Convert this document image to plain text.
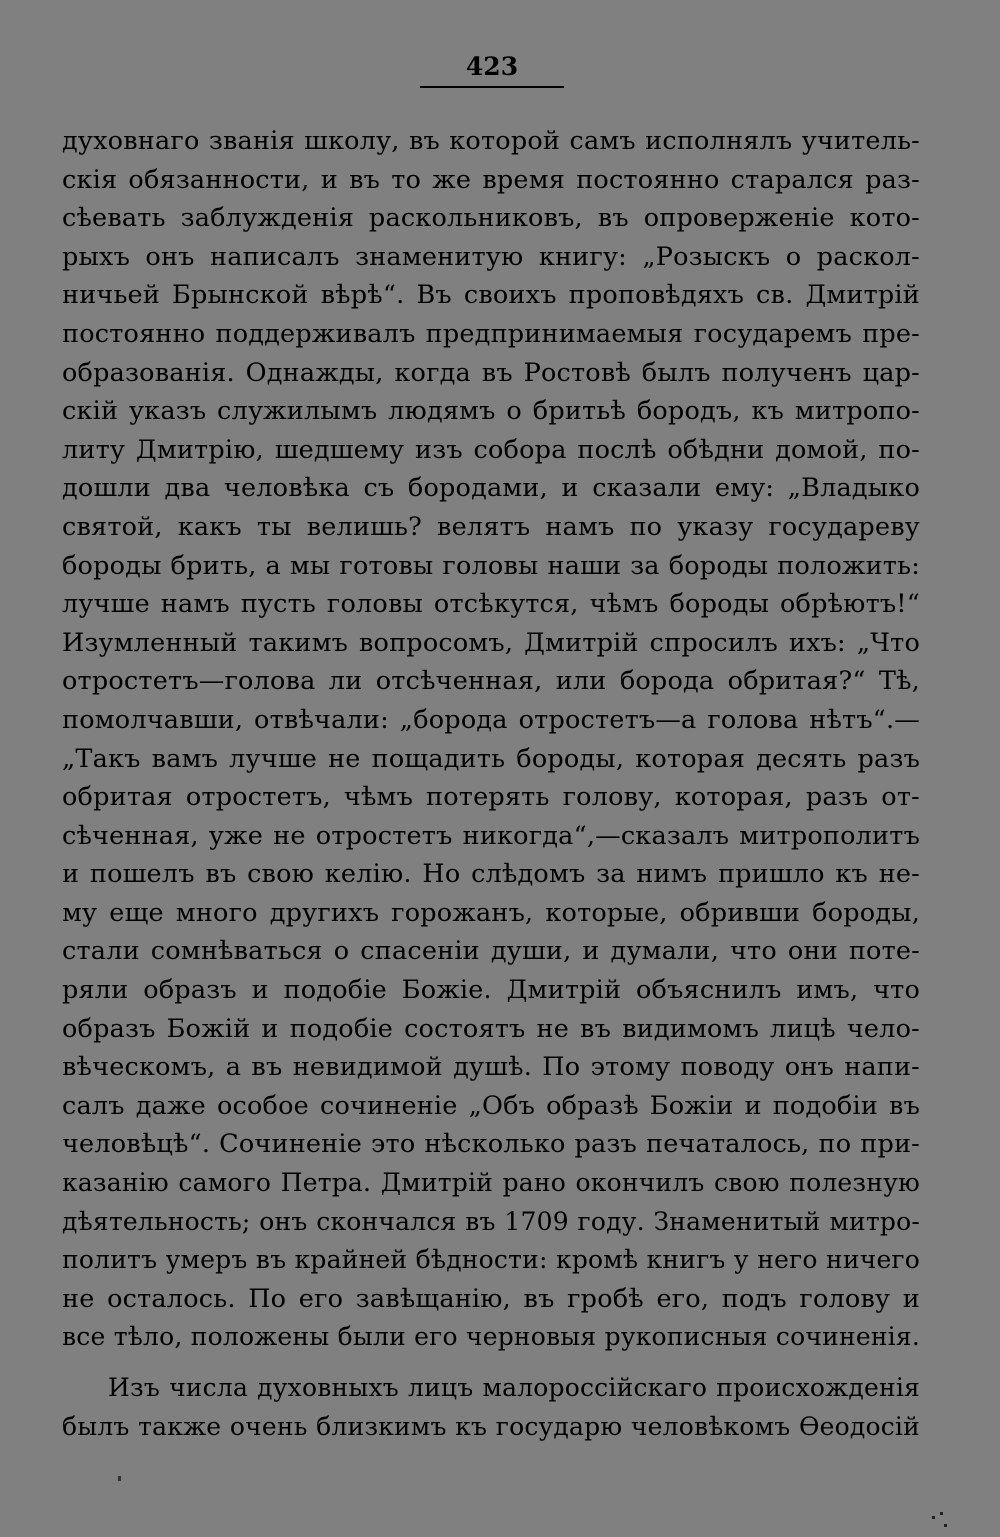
423
духовнаго званія школу, въ которой самъ исполнялъ учитель-
скія обязанности, и въ то же время постоянно старался раз-
сѣевать заблужденія раскольниковъ, въ опроверженіе кото-
рыхъ онъ написалъ знаменитую книгу: „Розыскъ о раскол-
ничьей Брынской вѣрѣ“. Въ своихъ проповѣдяхъ св. Дмитрій
постоянно поддерживалъ предпринимаемыя государемъ пре-
образованія. Однажды, когда въ Ростовѣ былъ полученъ цар-
скій указъ служилымъ людямъ о бритьѣ бородъ, къ митропо-
литу Дмитрію, шедшему изъ собора послѣ обѣдни домой, по-
дошли два человѣка съ бородами, и сказали ему: „Владыко
святой, какъ ты велишь? велятъ намъ по указу государеву
бороды брить, а мы готовы головы наши за бороды положить:
лучше намъ пусть головы отсѣкутся, чѣмъ бороды обрѣютъ!“
Изумленный такимъ вопросомъ, Дмитрій спросилъ ихъ: „Что
отростетъ—голова ли отсѣченная, или борода обритая?“ Тѣ,
помолчавши, отвѣчали: „борода отростетъ—а голова нѣтъ“.—
„Такъ вамъ лучше не пощадить бороды, которая десять разъ
обритая отростетъ, чѣмъ потерять голову, которая, разъ от-
сѣченная, уже не отростетъ никогда“,—сказалъ митрополитъ
и пошелъ въ свою келію. Но слѣдомъ за нимъ пришло къ не-
му еще много другихъ горожанъ, которые, обривши бороды,
стали сомнѣваться о спасеніи души, и думали, что они поте-
ряли образъ и подобіе Божіе. Дмитрій объяснилъ имъ, что
образъ Божій и подобіе состоятъ не въ видимомъ лицѣ чело-
вѣческомъ, а въ невидимой душѣ. По этому поводу онъ напи-
салъ даже особое сочиненіе „Объ образѣ Божіи и подобіи въ
человѣцѣ“. Сочиненіе это нѣсколько разъ печаталось, по при-
казанію самого Петра. Дмитрій рано окончилъ свою полезную
дѣятельность; онъ скончался въ 1709 году. Знаменитый митро-
политъ умеръ въ крайней бѣдности: кромѣ книгъ у него ничего
не осталось. По его завѣщанію, въ гробѣ его, подъ голову и
все тѣло, положены были его черновыя рукописныя сочиненія.
Изъ числа духовныхъ лицъ малороссійскаго происхожденія
былъ также очень близкимъ къ государю человѣкомъ Ѳеодосій
